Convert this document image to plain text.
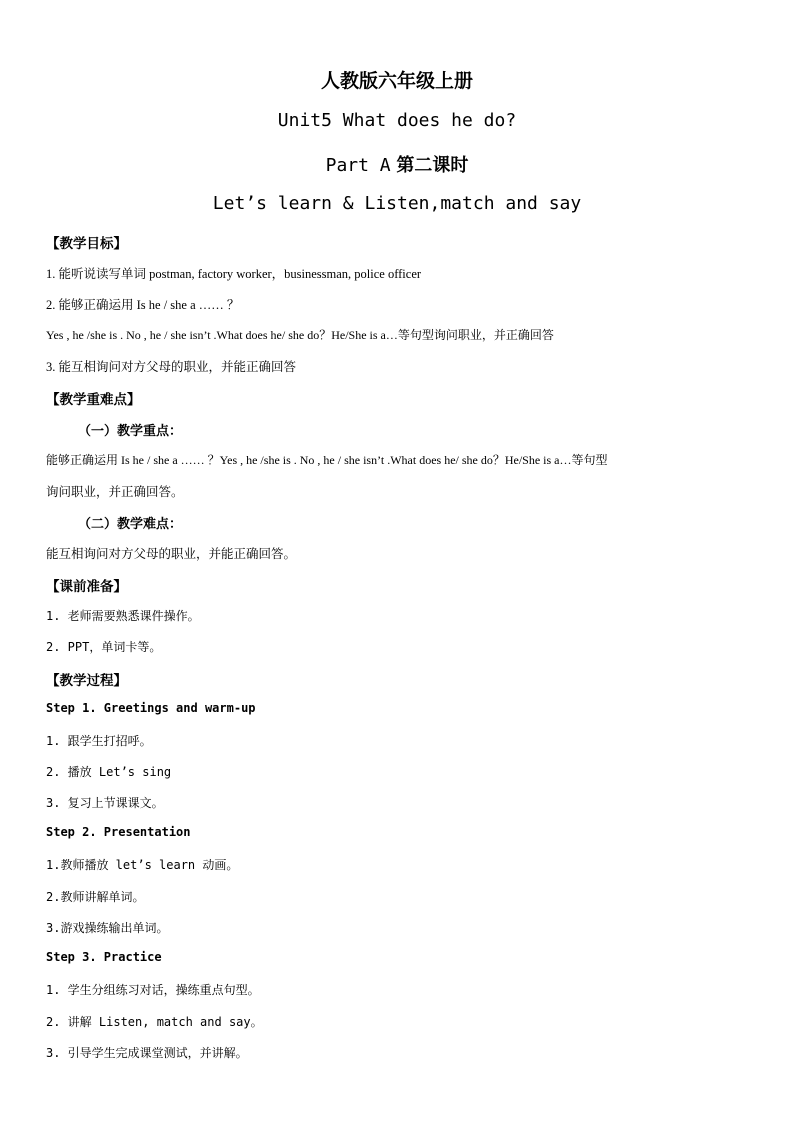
人教版六年级上册
Unit5 What does he do?
Part A 第二课时
Let’s learn & Listen,match and say
【教学目标】
1. 能听说读写单词 postman, factory worker，businessman, police officer
2. 能够正确运用 Is he / she a …… ？
Yes , he /she is . No , he / she isn’t .What does he/ she do？He/She is a…等句型询问职业，并正确回答
3. 能互相询问对方父母的职业，并能正确回答
【教学重难点】
（一）教学重点：
能够正确运用 Is he / she a …… ？Yes , he /she is . No , he / she isn’t .What does he/ she do？He/She is a…等句型
询问职业，并正确回答。
（二）教学难点：
能互相询问对方父母的职业，并能正确回答。
【课前准备】
1. 老师需要熟悉课件操作。
2. PPT，单词卡等。
【教学过程】
Step 1. Greetings and warm-up
1. 跟学生打招呼。
2. 播放 Let’s sing
3. 复习上节课课文。
Step 2. Presentation
1.教师播放 let’s learn 动画。
2.教师讲解单词。
3.游戏操练输出单词。
Step 3. Practice
1. 学生分组练习对话，操练重点句型。
2. 讲解 Listen, match and say。
3. 引导学生完成课堂测试，并讲解。
